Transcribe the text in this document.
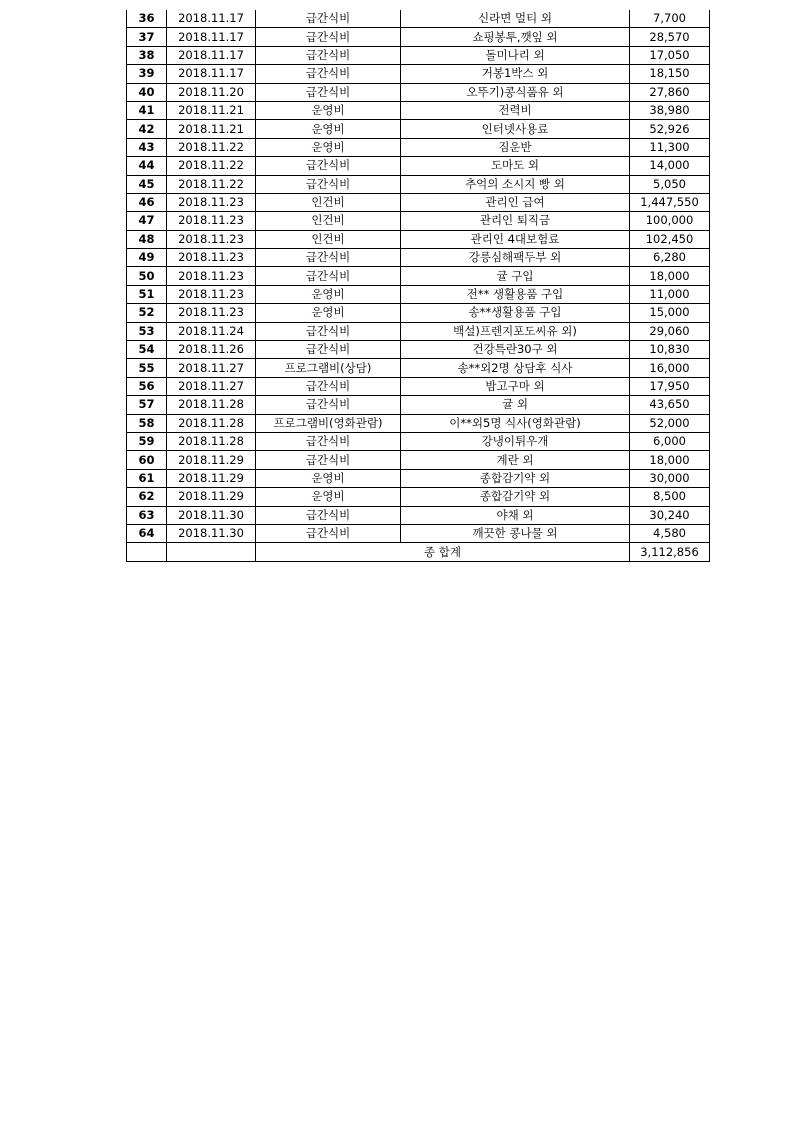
36	2018.11.17	급간식비	신라면 멀티 외	7,700
37	2018.11.17	급간식비	쇼핑봉투,깻잎 외	28,570
38	2018.11.17	급간식비	돌미나리 외	17,050
39	2018.11.17	급간식비	거봉1박스 외	18,150
40	2018.11.20	급간식비	오뚜기)콩식품유 외	27,860
41	2018.11.21	운영비	전력비	38,980
42	2018.11.21	운영비	인터넷사용료	52,926
43	2018.11.22	운영비	짐운반	11,300
44	2018.11.22	급간식비	도마도 외	14,000
45	2018.11.22	급간식비	추억의 소시지 빵 외	5,050
46	2018.11.23	인건비	관리인 급여	1,447,550
47	2018.11.23	인건비	관리인 퇴직금	100,000
48	2018.11.23	인건비	관리인 4대보험료	102,450
49	2018.11.23	급간식비	강릉심해팩두부 외	6,280
50	2018.11.23	급간식비	귤 구입	18,000
51	2018.11.23	운영비	전** 생활용품 구입	11,000
52	2018.11.23	운영비	송**생활용품 구입	15,000
53	2018.11.24	급간식비	백설)프렌지포도씨유 외)	29,060
54	2018.11.26	급간식비	건강특란30구 외	10,830
55	2018.11.27	프로그램비(상담)	송**외2명 상담후 식사	16,000
56	2018.11.27	급간식비	밤고구마 외	17,950
57	2018.11.28	급간식비	귤 외	43,650
58	2018.11.28	프로그램비(영화관람)	이**외5명 식사(영화관람)	52,000
59	2018.11.28	급간식비	강냉이튀우개	6,000
60	2018.11.29	급간식비	계란 외	18,000
61	2018.11.29	운영비	종합감기약 외	30,000
62	2018.11.29	운영비	종합감기약 외	8,500
63	2018.11.30	급간식비	야채 외	30,240
64	2018.11.30	급간식비	깨끗한 콩나물 외	4,580
		종 합계		3,112,856
